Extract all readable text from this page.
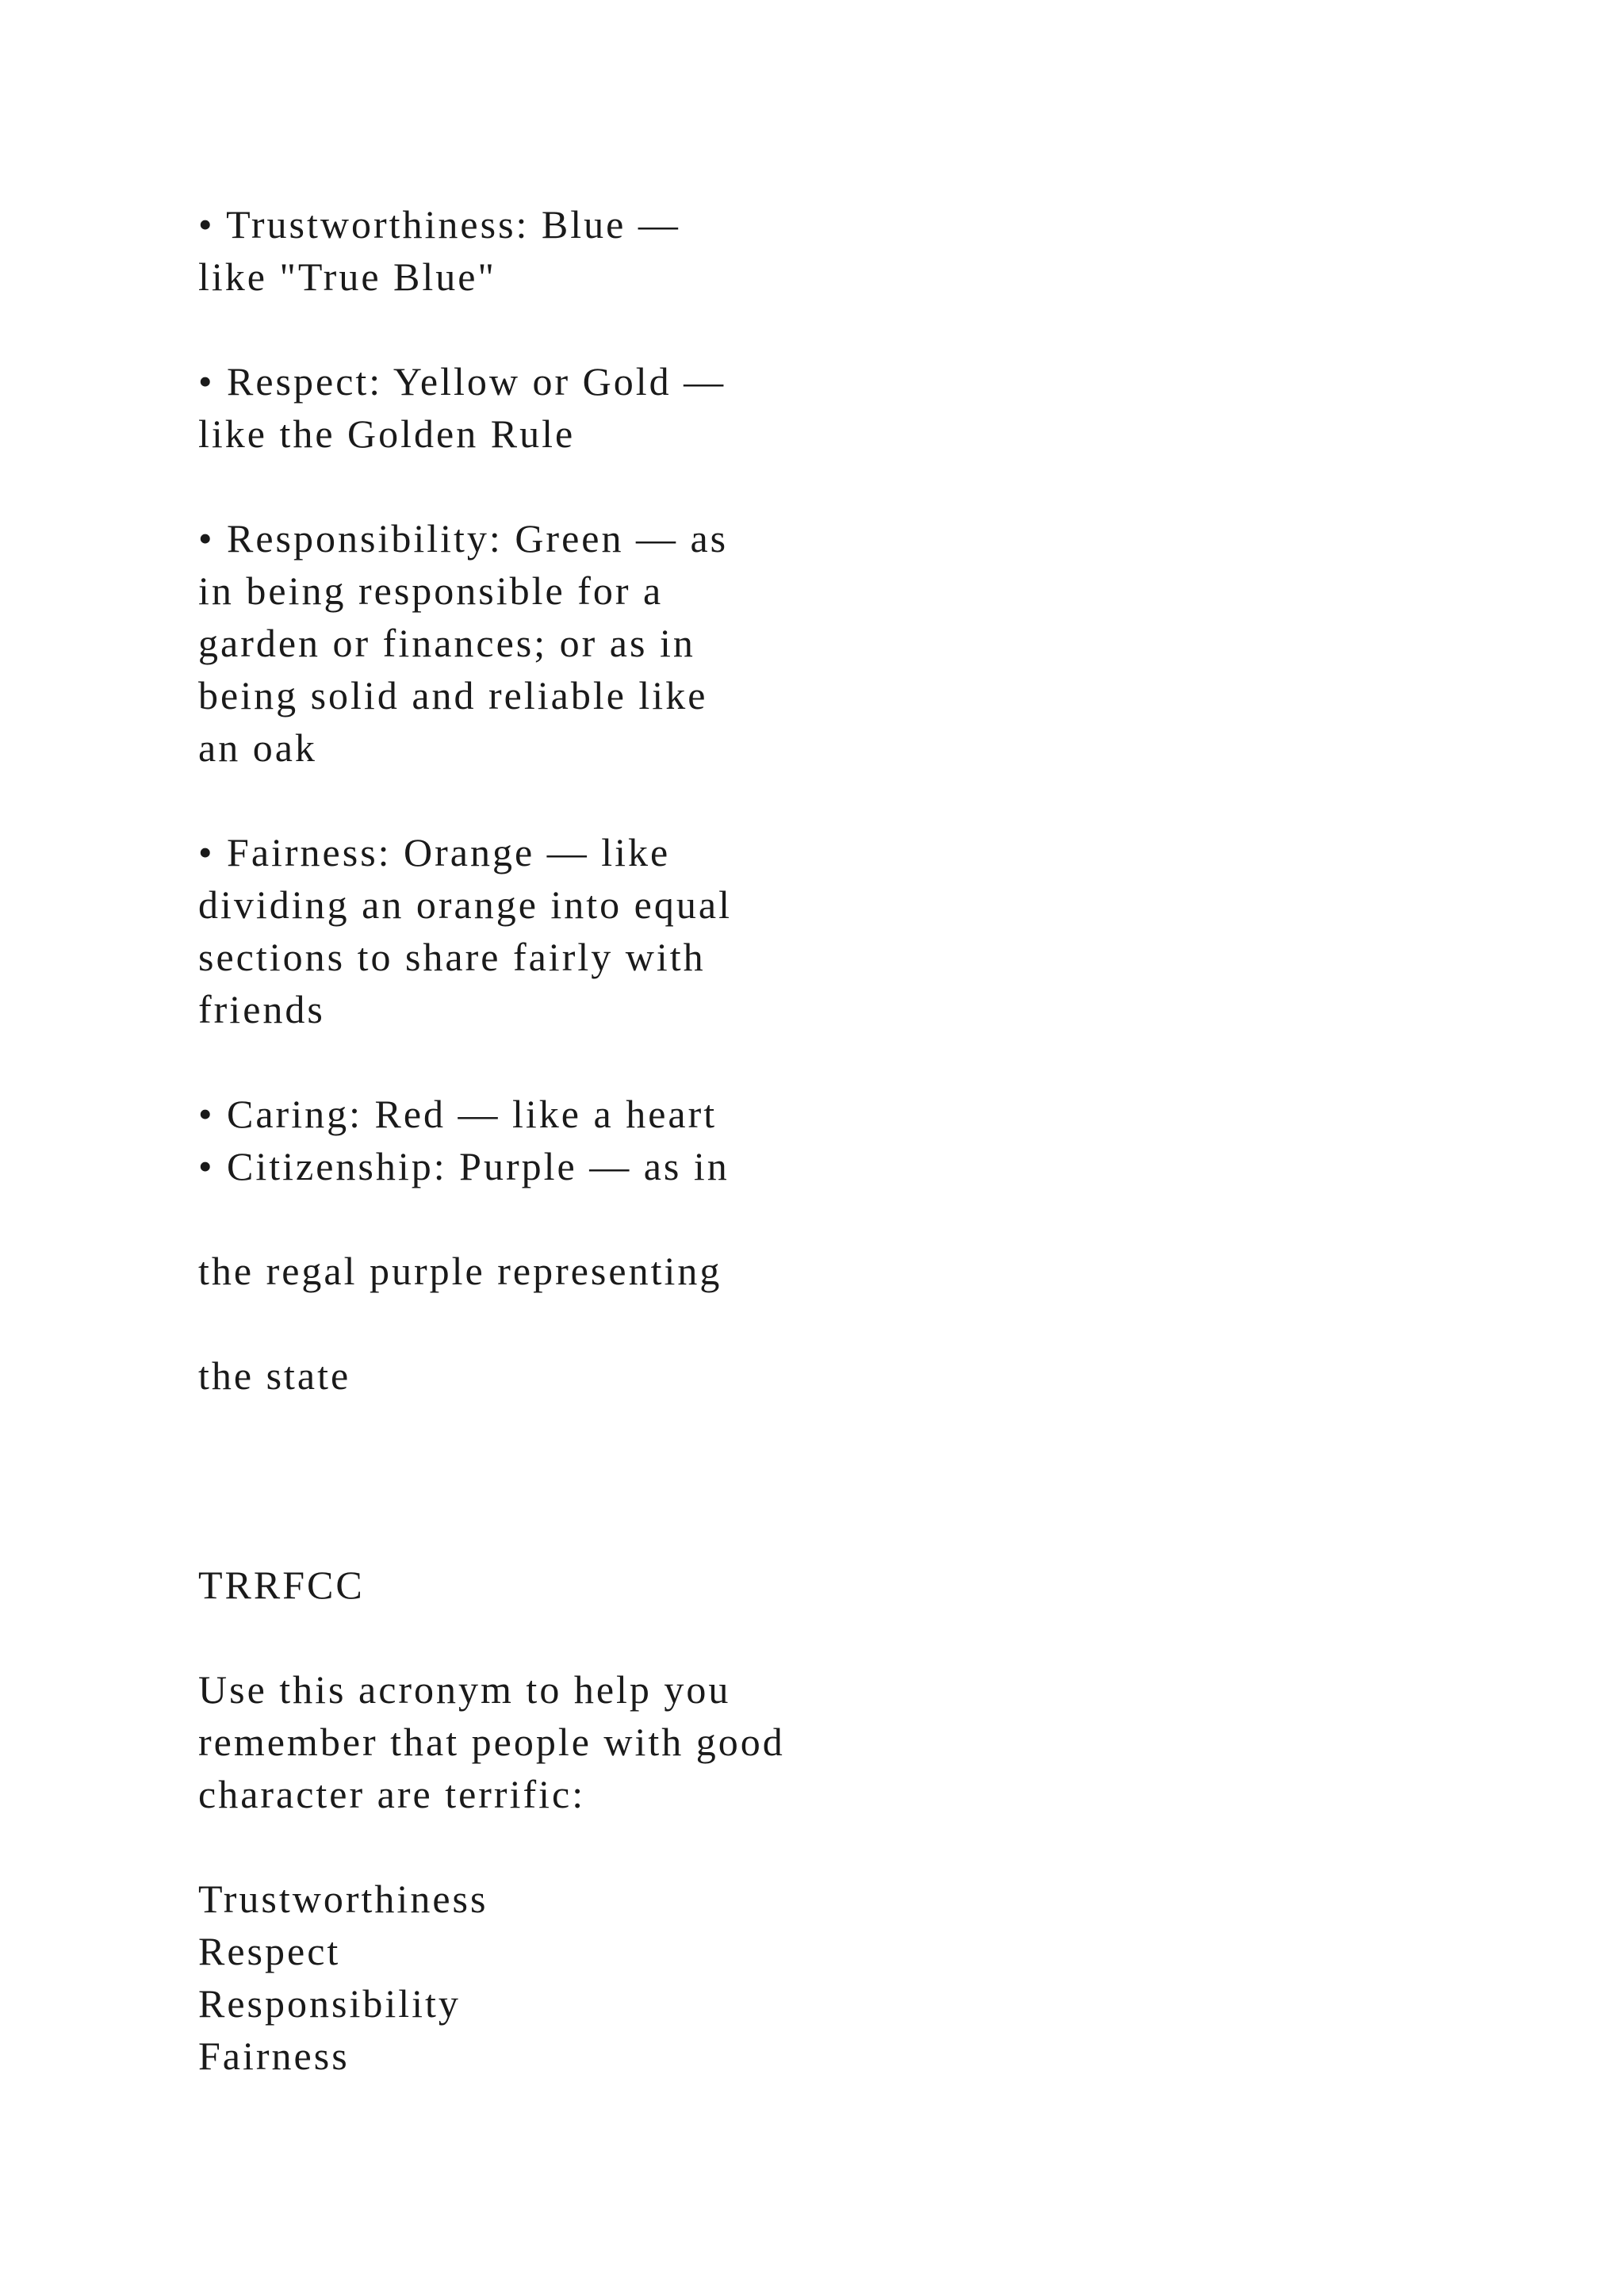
• Trustworthiness: Blue —
like "True Blue"
• Respect: Yellow or Gold —
like the Golden Rule
• Responsibility: Green — as
in being responsible for a
garden or finances; or as in
being solid and reliable like
an oak
• Fairness: Orange — like
dividing an orange into equal
sections to share fairly with
friends
• Caring: Red — like a heart
• Citizenship: Purple — as in
the regal purple representing
the state
TRRFCC
Use this acronym to help you
remember that people with good
character are terrific:
Trustworthiness
Respect
Responsibility
Fairness
